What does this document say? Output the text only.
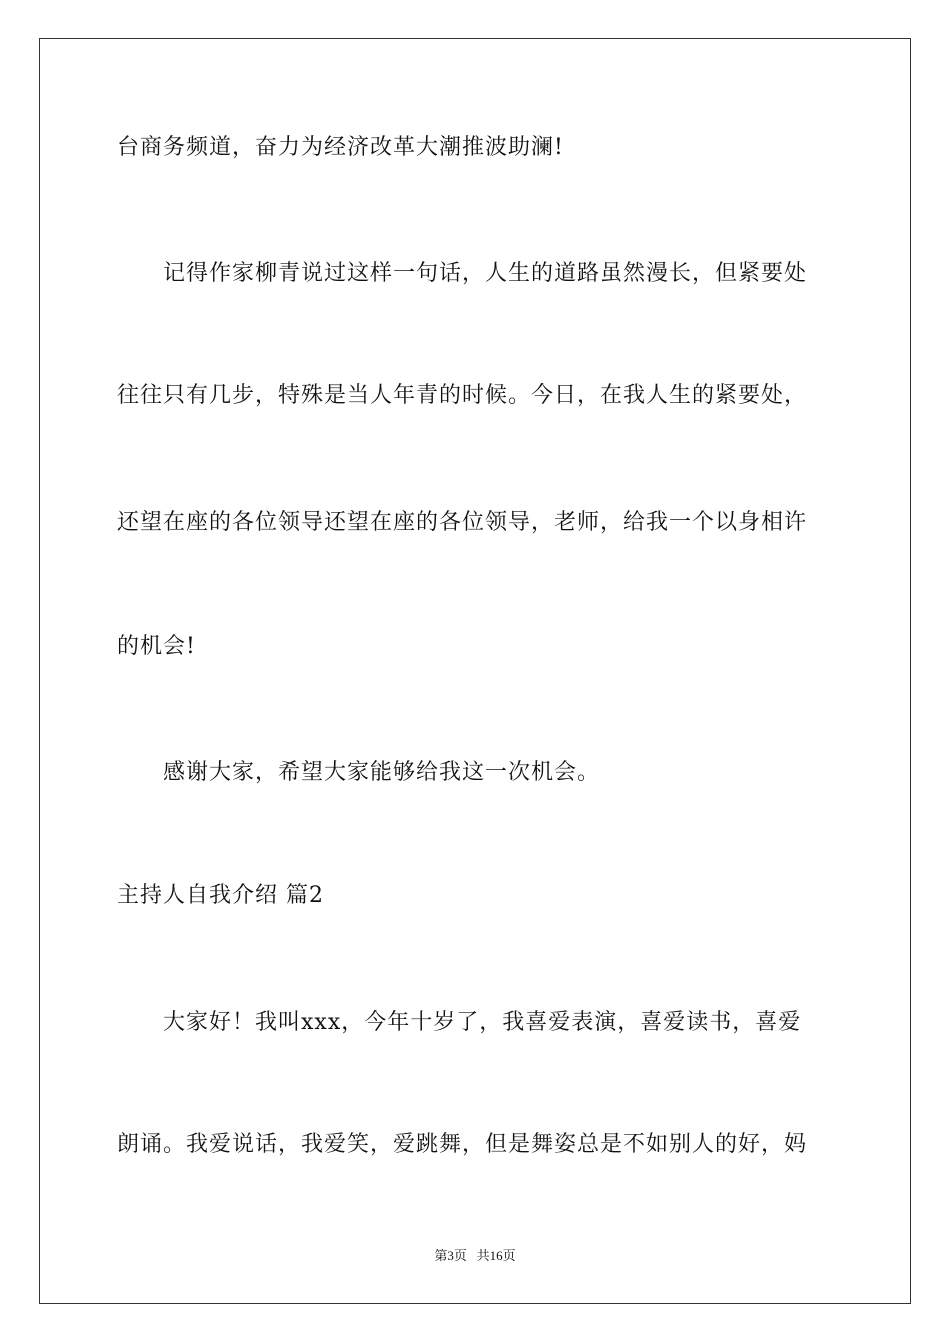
台商务频道，奋力为经济改革大潮推波助澜!
记得作家柳青说过这样一句话，人生的道路虽然漫长，但紧要处
往往只有几步，特殊是当人年青的时候。今日，在我人生的紧要处，
还望在座的各位领导还望在座的各位领导，老师，给我一个以身相许
的机会!
感谢大家，希望大家能够给我这一次机会。
主持人自我介绍 篇2
大家好！我叫xxx，今年十岁了，我喜爱表演，喜爱读书，喜爱
朗诵。我爱说话，我爱笑，爱跳舞，但是舞姿总是不如别人的好，妈
第3页 共16页
